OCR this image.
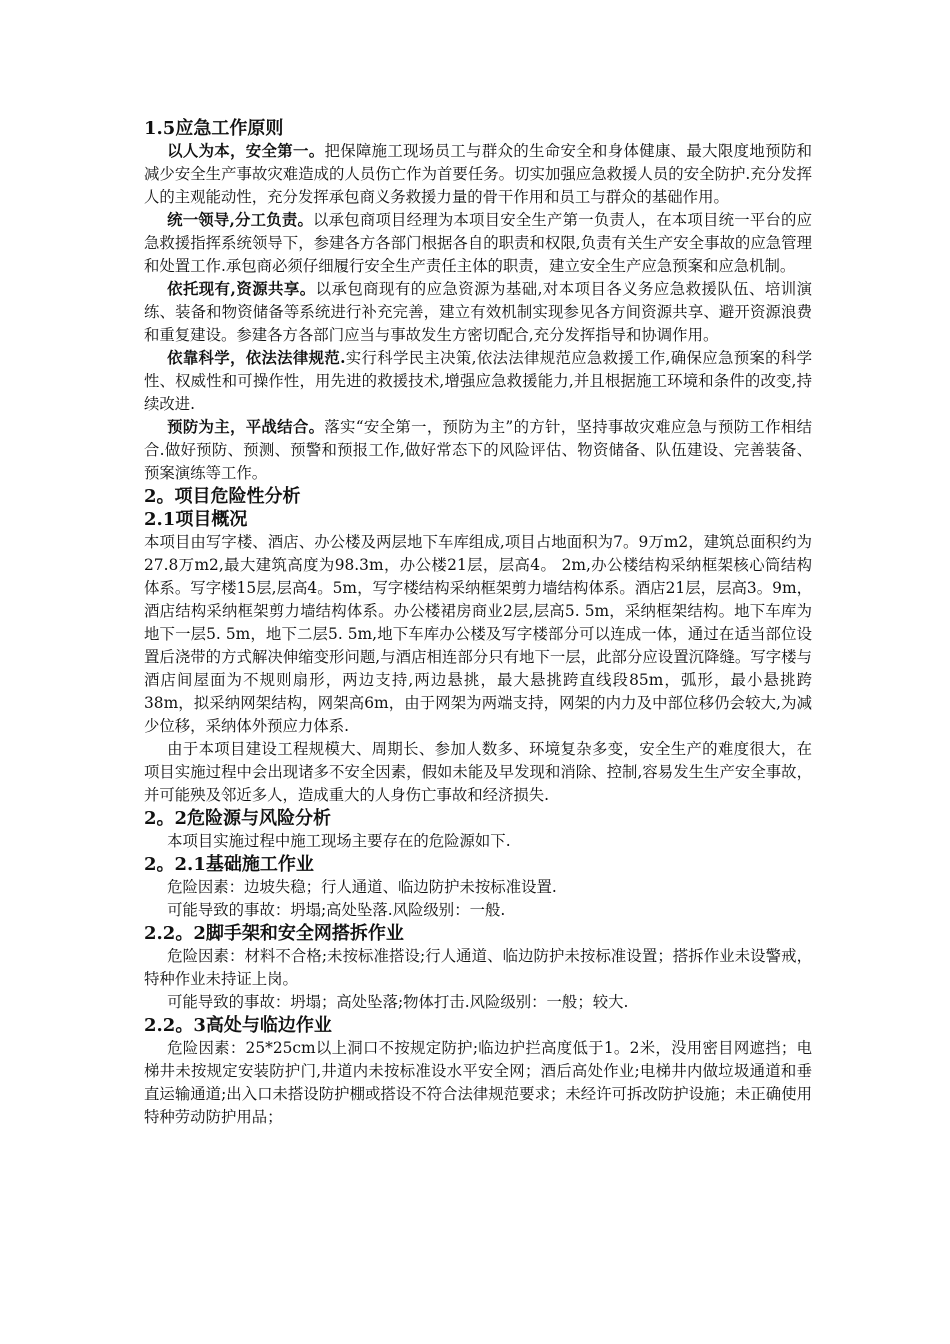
1.5应急工作原则

以人为本，安全第一。把保障施工现场员工与群众的生命安全和身体健康、最大限度地预防和减少安全生产事故灾难造成的人员伤亡作为首要任务。切实加强应急救援人员的安全防护.充分发挥人的主观能动性，充分发挥承包商义务救援力量的骨干作用和员工与群众的基础作用。

统一领导,分工负责。以承包商项目经理为本项目安全生产第一负责人，在本项目统一平台的应急救援指挥系统领导下，参建各方各部门根据各自的职责和权限,负责有关生产安全事故的应急管理和处置工作.承包商必须仔细履行安全生产责任主体的职责，建立安全生产应急预案和应急机制。

依托现有,资源共享。以承包商现有的应急资源为基础,对本项目各义务应急救援队伍、培训演练、装备和物资储备等系统进行补充完善，建立有效机制实现参见各方间资源共享、避开资源浪费和重复建设。参建各方各部门应当与事故发生方密切配合,充分发挥指导和协调作用。

依靠科学，依法法律规范.实行科学民主决策,依法法律规范应急救援工作,确保应急预案的科学性、权威性和可操作性，用先进的救援技术,增强应急救援能力,并且根据施工环境和条件的改变,持续改进.

预防为主，平战结合。落实“安全第一，预防为主”的方针，坚持事故灾难应急与预防工作相结合.做好预防、预测、预警和预报工作,做好常态下的风险评估、物资储备、队伍建设、完善装备、预案演练等工作。

2。项目危险性分析
2.1项目概况

本项目由写字楼、酒店、办公楼及两层地下车库组成,项目占地面积为7。9万m2，建筑总面积约为27.8万m2,最大建筑高度为98.3m，办公楼21层，层高4。 2m,办公楼结构采纳框架核心筒结构体系。写字楼15层,层高4。5m，写字楼结构采纳框架剪力墙结构体系。酒店21层，层高3。9m，酒店结构采纳框架剪力墙结构体系。办公楼裙房商业2层,层高5. 5m，采纳框架结构。地下车库为地下一层5. 5m，地下二层5. 5m,地下车库办公楼及写字楼部分可以连成一体，通过在适当部位设置后浇带的方式解决伸缩变形问题,与酒店相连部分只有地下一层，此部分应设置沉降缝。写字楼与酒店间屋面为不规则扇形，两边支持,两边悬挑，最大悬挑跨直线段85m，弧形，最小悬挑跨38m，拟采纳网架结构，网架高6m，由于网架为两端支持，网架的内力及中部位移仍会较大,为减少位移，采纳体外预应力体系.

由于本项目建设工程规模大、周期长、参加人数多、环境复杂多变，安全生产的难度很大，在项目实施过程中会出现诸多不安全因素，假如未能及早发现和消除、控制,容易发生生产安全事故，并可能殃及邻近多人，造成重大的人身伤亡事故和经济损失.

2。2危险源与风险分析

本项目实施过程中施工现场主要存在的危险源如下.

2。2.1基础施工作业

危险因素：边坡失稳；行人通道、临边防护未按标准设置.

可能导致的事故：坍塌;高处坠落.风险级别：一般.

2.2。2脚手架和安全网搭拆作业

危险因素：材料不合格;未按标准搭设;行人通道、临边防护未按标准设置；搭拆作业未设警戒，特种作业未持证上岗。

可能导致的事故：坍塌；高处坠落;物体打击.风险级别：一般；较大.

2.2。3高处与临边作业

危险因素：25*25cm以上洞口不按规定防护;临边护拦高度低于1。2米，没用密目网遮挡；电梯井未按规定安装防护门,井道内未按标准设水平安全网；酒后高处作业;电梯井内做垃圾通道和垂直运输通道;出入口未搭设防护棚或搭设不符合法律规范要求；未经许可拆改防护设施；未正确使用特种劳动防护用品；
